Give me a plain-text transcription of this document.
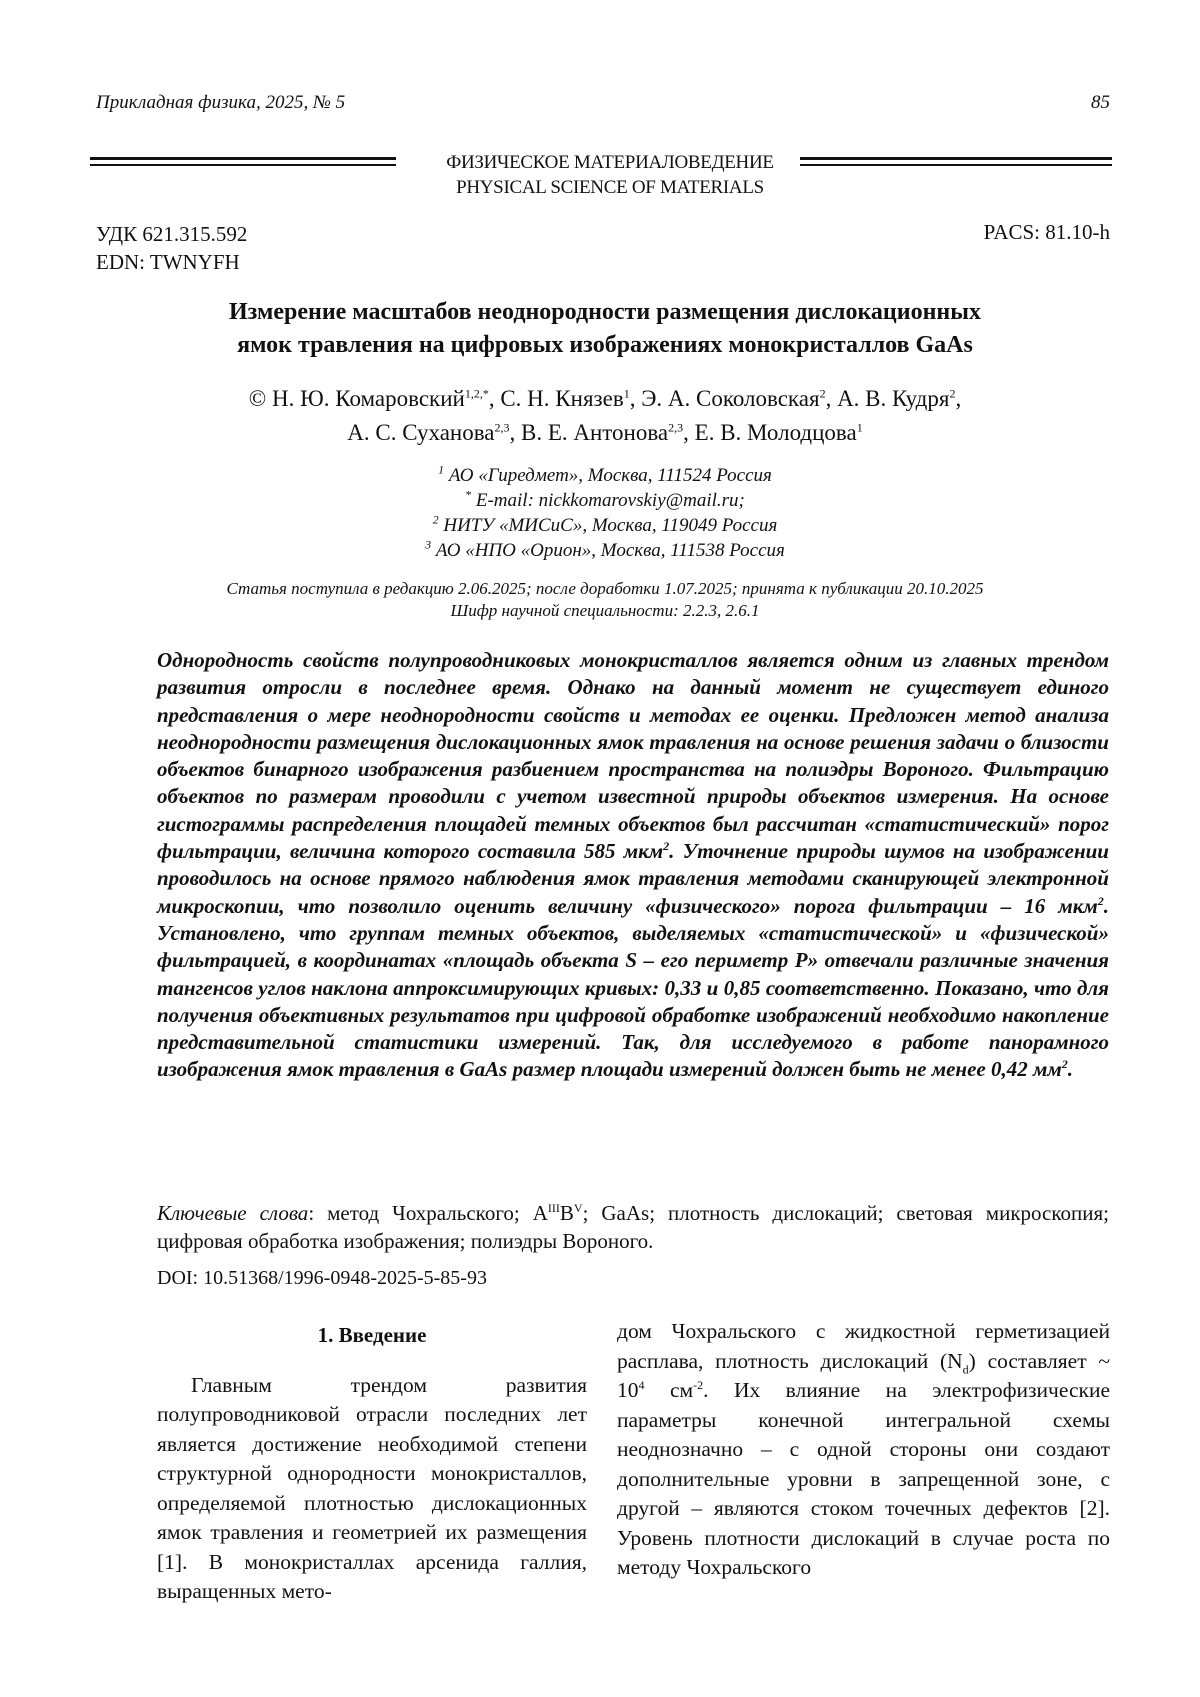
Прикладная физика, 2025, № 5	85
ФИЗИЧЕСКОЕ МАТЕРИАЛОВЕДЕНИЕ
PHYSICAL SCIENCE OF MATERIALS
УДК 621.315.592
EDN: TWNYFH
PACS: 81.10-h
Измерение масштабов неоднородности размещения дислокационных
ямок травления на цифровых изображениях монокристаллов GaAs
© Н. Ю. Комаровский1,2,*, С. Н. Князев1, Э. А. Соколовская2, А. В. Кудря2,
А. С. Суханова2,3, В. Е. Антонова2,3, Е. В. Молодцова1
1 АО «Гиредмет», Москва, 111524 Россия
* E-mail: nickkomarovskiy@mail.ru;
2 НИТУ «МИСиС», Москва, 119049 Россия
3 АО «НПО «Орион», Москва, 111538 Россия
Статья поступила в редакцию 2.06.2025; после доработки 1.07.2025; принята к публикации 20.10.2025
Шифр научной специальности: 2.2.3, 2.6.1
Однородность свойств полупроводниковых монокристаллов является одним из главных трендом развития отросли в последнее время. Однако на данный момент не существует единого представления о мере неоднородности свойств и методах ее оценки. Предложен метод анализа неоднородности размещения дислокационных ямок травления на основе решения задачи о близости объектов бинарного изображения разбиением пространства на полиэдры Вороного. Фильтрацию объектов по размерам проводили с учетом известной природы объектов измерения. На основе гистограммы распределения площадей темных объектов был рассчитан «статистический» порог фильтрации, величина которого составила 585 мкм2. Уточнение природы шумов на изображении проводилось на основе прямого наблюдения ямок травления методами сканирующей электронной микроскопии, что позволило оценить величину «физического» порога фильтрации – 16 мкм2. Установлено, что группам темных объектов, выделяемых «статистической» и «физической» фильтрацией, в координатах «площадь объекта S – его периметр P» отвечали различные значения тангенсов углов наклона аппроксимирующих кривых: 0,33 и 0,85 соответственно. Показано, что для получения объективных результатов при цифровой обработке изображений необходимо накопление представительной статистики измерений. Так, для исследуемого в работе панорамного изображения ямок травления в GaAs размер площади измерений должен быть не менее 0,42 мм2.
Ключевые слова: метод Чохральского; AIIIBV; GaAs; плотность дислокаций; световая микроскопия; цифровая обработка изображения; полиэдры Вороного.
DOI: 10.51368/1996-0948-2025-5-85-93
1. Введение

Главным трендом развития полупроводниковой отрасли последних лет является достижение необходимой степени структурной однородности монокристаллов, определяемой плотностью дислокационных ямок травления и геометрией их размещения [1]. В монокристаллах арсенида галлия, выращенных мето-

дом Чохральского с жидкостной герметизацией расплава, плотность дислокаций (Nd) составляет ~ 104 см-2. Их влияние на электрофизические параметры конечной интегральной схемы неоднозначно – с одной стороны они создают дополнительные уровни в запрещенной зоне, с другой – являются стоком точечных дефектов [2]. Уровень плотности дислокаций в случае роста по методу Чохральского
